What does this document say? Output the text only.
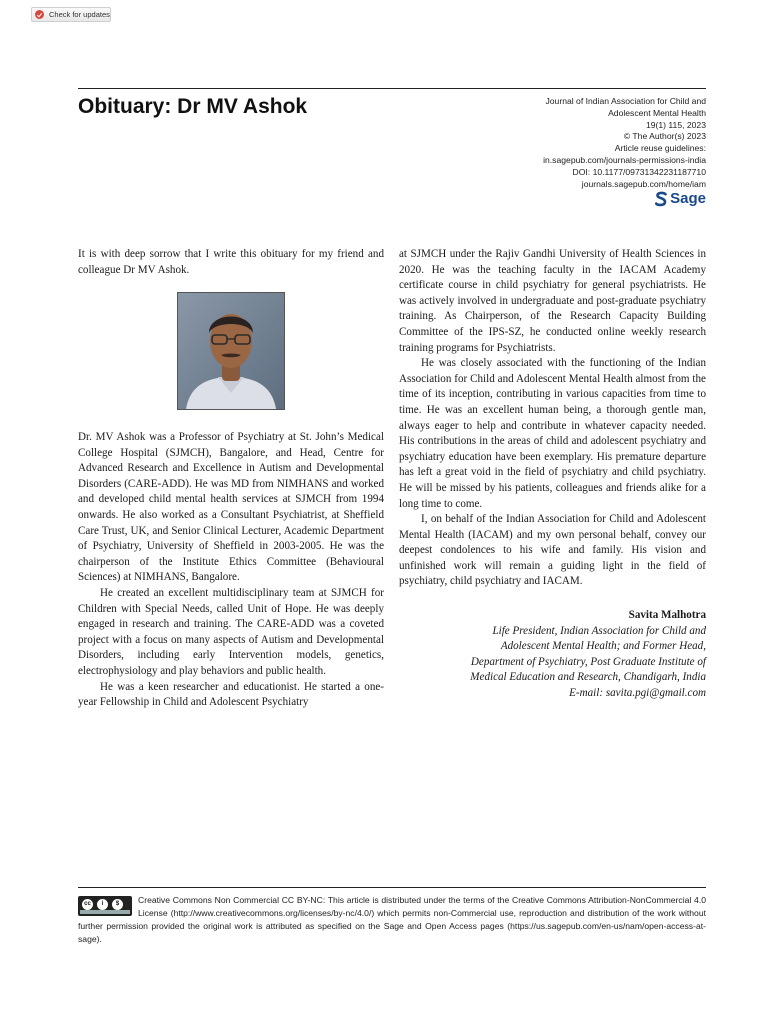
Check for updates
Obituary: Dr MV Ashok	Journal of Indian Association for Child and
Adolescent Mental Health
19(1) 115, 2023
© The Author(s) 2023
Article reuse guidelines:
in.sagepub.com/journals-permissions-india
DOI: 10.1177/09731342231187710
journals.sagepub.com/home/iam
Sage

It is with deep sorrow that I write this obituary for my friend and colleague Dr MV Ashok.

Dr. MV Ashok was a Professor of Psychiatry at St. John’s Medical College Hospital (SJMCH), Bangalore, and Head, Centre for Advanced Research and Excellence in Autism and Developmental Disorders (CARE-ADD). He was MD from NIMHANS and worked and developed child mental health services at SJMCH from 1994 onwards. He also worked as a Consultant Psychiatrist, at Sheffield Care Trust, UK, and Senior Clinical Lecturer, Academic Department of Psychiatry, University of Sheffield in 2003-2005. He was the chairperson of the Institute Ethics Committee (Behavioural Sciences) at NIMHANS, Bangalore.

He created an excellent multidisciplinary team at SJMCH for Children with Special Needs, called Unit of Hope. He was deeply engaged in research and training. The CARE-ADD was a coveted project with a focus on many aspects of Autism and Developmental Disorders, including early Intervention models, genetics, electrophysiology and play behaviors and public health.

He was a keen researcher and educationist. He started a one-year Fellowship in Child and Adolescent Psychiatry

at SJMCH under the Rajiv Gandhi University of Health Sciences in 2020. He was the teaching faculty in the IACAM Academy certificate course in child psychiatry for general psychiatrists. He was actively involved in undergraduate and post-graduate psychiatry training. As Chairperson, of the Research Capacity Building Committee of the IPS-SZ, he conducted online weekly research training programs for Psychiatrists.

He was closely associated with the functioning of the Indian Association for Child and Adolescent Mental Health almost from the time of its inception, contributing in various capacities from time to time. He was an excellent human being, a thorough gentle man, always eager to help and contribute in whatever capacity needed. His contributions in the areas of child and adolescent psychiatry and psychiatry education have been exemplary. His premature departure has left a great void in the field of psychiatry and child psychiatry. He will be missed by his patients, colleagues and friends alike for a long time to come.

I, on behalf of the Indian Association for Child and Adolescent Mental Health (IACAM) and my own personal behalf, convey our deepest condolences to his wife and family. His vision and unfinished work will remain a guiding light in the field of psychiatry, child psychiatry and IACAM.

Savita Malhotra
Life President, Indian Association for Child and
Adolescent Mental Health; and Former Head,
Department of Psychiatry, Post Graduate Institute of
Medical Education and Research, Chandigarh, India
E-mail: savita.pgi@gmail.com
cc	i	$	Creative Commons Non Commercial CC BY-NC: This article is distributed under the terms of the Creative Commons Attribution-NonCommercial 4.0 License (http://www.creativecommons.org/licenses/by-nc/4.0/) which permits non-Commercial use, reproduction and distribution of the work without further permission provided the original work is attributed as specified on the Sage and Open Access pages (https://us.sagepub.com/en-us/nam/open-access-at-sage).
